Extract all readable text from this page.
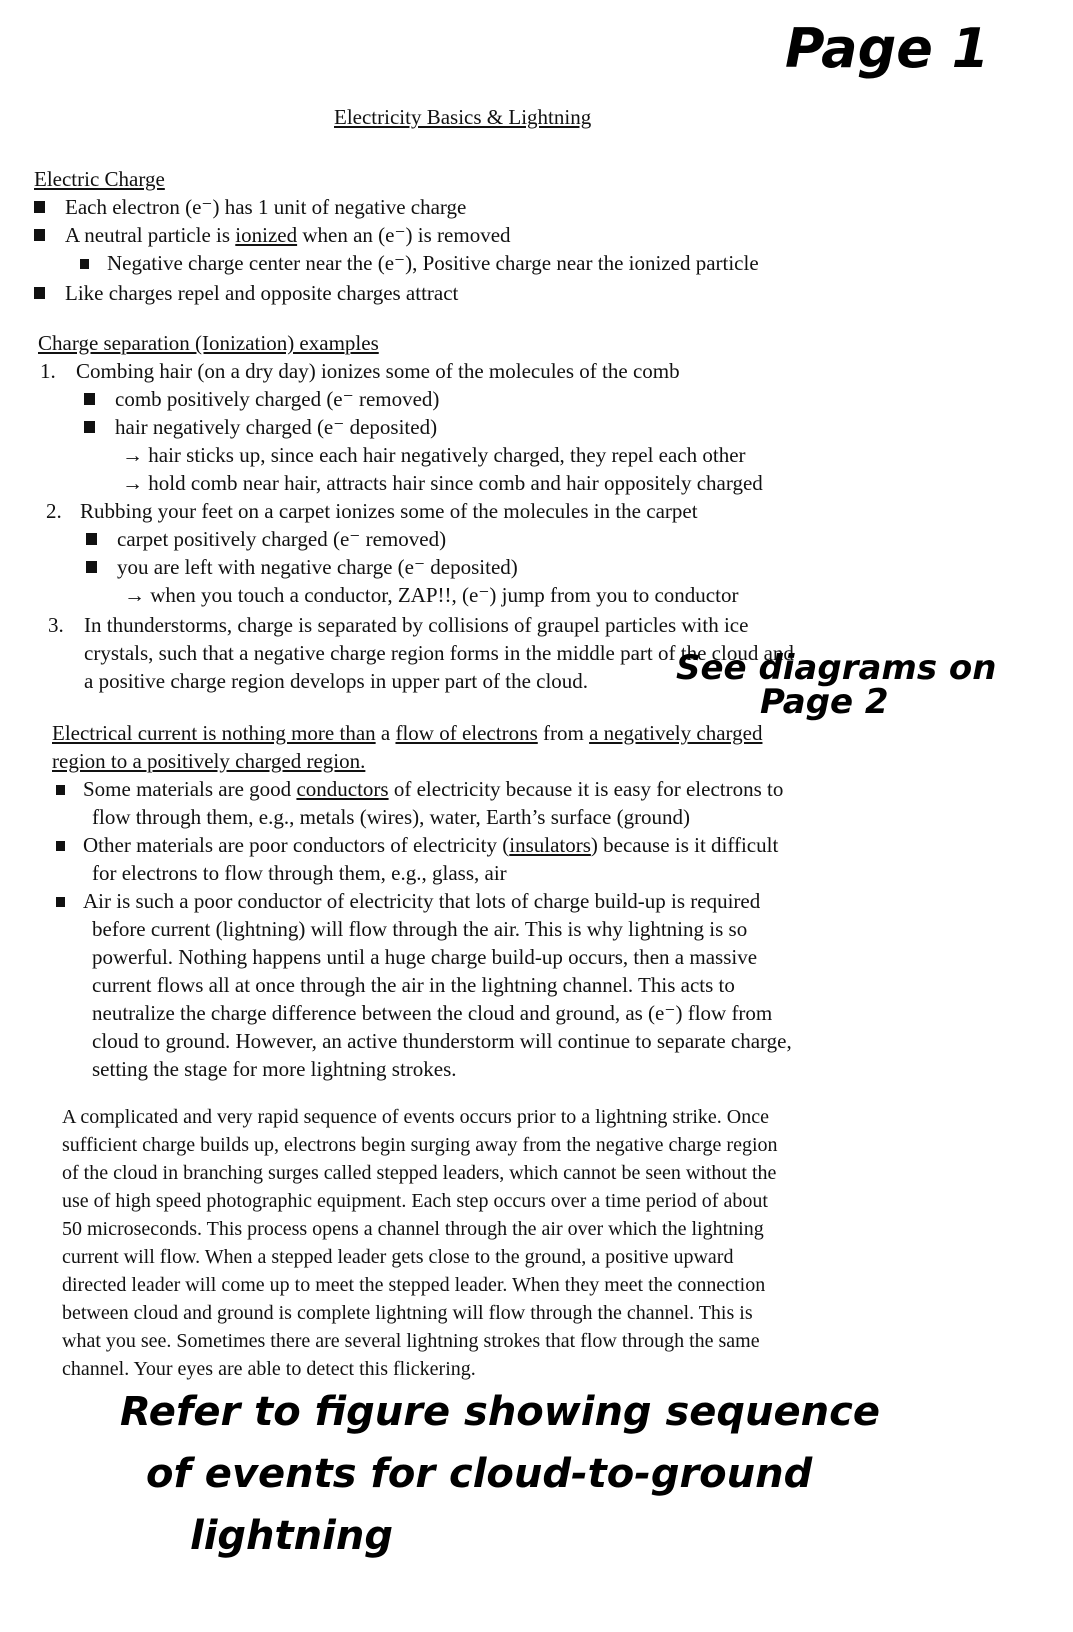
Page 1
Electricity Basics & Lightning
Electric Charge
Each electron (e⁻) has 1 unit of negative charge
A neutral particle is ionized when an (e⁻) is removed
Negative charge center near the (e⁻), Positive charge near the ionized particle
Like charges repel and opposite charges attract
Charge separation (Ionization) examples
1. Combing hair (on a dry day) ionizes some of the molecules of the comb
comb positively charged (e⁻ removed)
hair negatively charged (e⁻ deposited)
→ hair sticks up, since each hair negatively charged, they repel each other
→ hold comb near hair, attracts hair since comb and hair oppositely charged
2. Rubbing your feet on a carpet ionizes some of the molecules in the carpet
carpet positively charged (e⁻ removed)
you are left with negative charge (e⁻ deposited)
→ when you touch a conductor, ZAP!!, (e⁻) jump from you to conductor
3. In thunderstorms, charge is separated by collisions of graupel particles with ice
crystals, such that a negative charge region forms in the middle part of the cloud and
a positive charge region develops in upper part of the cloud.	See diagrams on
Page 2
Electrical current is nothing more than a flow of electrons from a negatively charged
region to a positively charged region.
Some materials are good conductors of electricity because it is easy for electrons to
flow through them, e.g., metals (wires), water, Earth’s surface (ground)
Other materials are poor conductors of electricity (insulators) because is it difficult
for electrons to flow through them, e.g., glass, air
Air is such a poor conductor of electricity that lots of charge build-up is required
before current (lightning) will flow through the air. This is why lightning is so
powerful. Nothing happens until a huge charge build-up occurs, then a massive
current flows all at once through the air in the lightning channel. This acts to
neutralize the charge difference between the cloud and ground, as (e⁻) flow from
cloud to ground. However, an active thunderstorm will continue to separate charge,
setting the stage for more lightning strokes.
A complicated and very rapid sequence of events occurs prior to a lightning strike. Once
sufficient charge builds up, electrons begin surging away from the negative charge region
of the cloud in branching surges called stepped leaders, which cannot be seen without the
use of high speed photographic equipment. Each step occurs over a time period of about
50 microseconds. This process opens a channel through the air over which the lightning
current will flow. When a stepped leader gets close to the ground, a positive upward
directed leader will come up to meet the stepped leader. When they meet the connection
between cloud and ground is complete lightning will flow through the channel. This is
what you see. Sometimes there are several lightning strokes that flow through the same
channel. Your eyes are able to detect this flickering.
Refer to figure showing sequence
of events for cloud-to-ground
lightning
